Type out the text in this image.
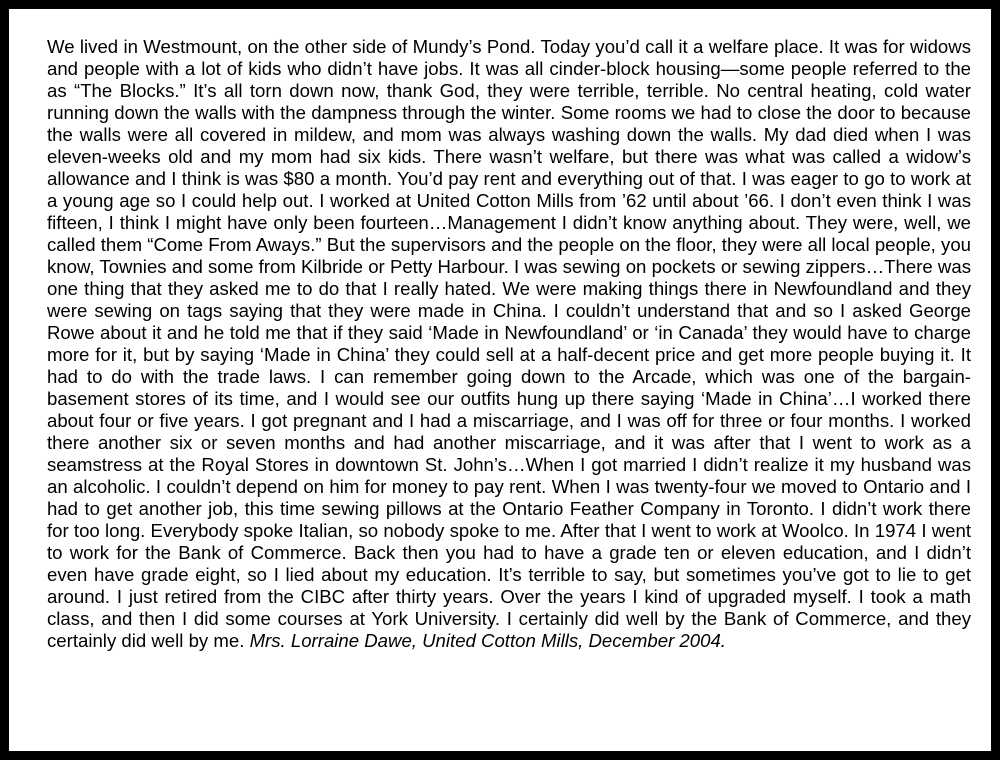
We lived in Westmount, on the other side of Mundy’s Pond. Today you’d call it a welfare place. It was for widows and people with a lot of kids who didn’t have jobs. It was all cinder-block housing—some people referred to the as “The Blocks.” It’s all torn down now, thank God, they were terrible, terrible. No central heating, cold water running down the walls with the dampness through the winter. Some rooms we had to close the door to because the walls were all covered in mildew, and mom was always washing down the walls. My dad died when I was eleven-weeks old and my mom had six kids. There wasn’t welfare, but there was what was called a widow’s allowance and I think is was $80 a month. You’d pay rent and everything out of that. I was eager to go to work at a young age so I could help out. I worked at United Cotton Mills from ’62 until about ’66. I don’t even think I was fifteen, I think I might have only been fourteen…Management I didn’t know anything about. They were, well, we called them “Come From Aways.” But the supervisors and the people on the floor, they were all local people, you know, Townies and some from Kilbride or Petty Harbour. I was sewing on pockets or sewing zippers…There was one thing that they asked me to do that I really hated. We were making things there in Newfoundland and they were sewing on tags saying that they were made in China. I couldn’t understand that and so I asked George Rowe about it and he told me that if they said ‘Made in Newfoundland’ or ‘in Canada’ they would have to charge more for it, but by saying ‘Made in China’ they could sell at a half-decent price and get more people buying it. It had to do with the trade laws. I can remember going down to the Arcade, which was one of the bargain-basement stores of its time, and I would see our outfits hung up there saying ‘Made in China’…I worked there about four or five years. I got pregnant and I had a miscarriage, and I was off for three or four months. I worked there another six or seven months and had another miscarriage, and it was after that I went to work as a seamstress at the Royal Stores in downtown St. John’s…When I got married I didn’t realize it my husband was an alcoholic. I couldn’t depend on him for money to pay rent. When I was twenty-four we moved to Ontario and I had to get another job, this time sewing pillows at the Ontario Feather Company in Toronto. I didn’t work there for too long. Everybody spoke Italian, so nobody spoke to me. After that I went to work at Woolco. In 1974 I went to work for the Bank of Commerce. Back then you had to have a grade ten or eleven education, and I didn’t even have grade eight, so I lied about my education. It’s terrible to say, but sometimes you’ve got to lie to get around. I just retired from the CIBC after thirty years. Over the years I kind of upgraded myself. I took a math class, and then I did some courses at York University. I certainly did well by the Bank of Commerce, and they certainly did well by me. Mrs. Lorraine Dawe, United Cotton Mills, December 2004.
